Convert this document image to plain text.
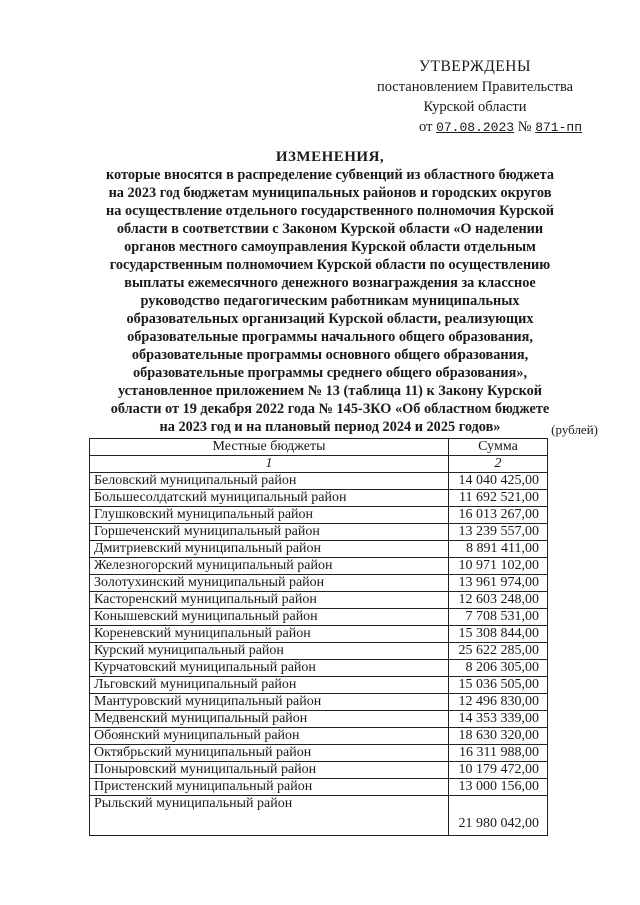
УТВЕРЖДЕНЫ
постановлением Правительства
Курской области
от 07.08.2023 № 871-пп
ИЗМЕНЕНИЯ,
которые вносятся в распределение субвенций из областного бюджета
на 2023 год бюджетам муниципальных районов и городских округов
на осуществление отдельного государственного полномочия Курской
области в соответствии с Законом Курской области «О наделении
органов местного самоуправления Курской области отдельным
государственным полномочием Курской области по осуществлению
выплаты ежемесячного денежного вознаграждения за классное
руководство педагогическим работникам муниципальных
образовательных организаций Курской области, реализующих
образовательные программы начального общего образования,
образовательные программы основного общего образования,
образовательные программы среднего общего образования»,
установленное приложением № 13 (таблица 11) к Закону Курской
области от 19 декабря 2022 года № 145-ЗКО «Об областном бюджете
на 2023 год и на плановый период 2024 и 2025 годов»	(рублей)
Местные бюджеты	Сумма
1	2
Беловский муниципальный район	14 040 425,00
Большесолдатский муниципальный район	11 692 521,00
Глушковский муниципальный район	16 013 267,00
Горшеченский муниципальный район	13 239 557,00
Дмитриевский муниципальный район	8 891 411,00
Железногорский муниципальный район	10 971 102,00
Золотухинский муниципальный район	13 961 974,00
Касторенский муниципальный район	12 603 248,00
Конышевский муниципальный район	7 708 531,00
Кореневский муниципальный район	15 308 844,00
Курский муниципальный район	25 622 285,00
Курчатовский муниципальный район	8 206 305,00
Льговский муниципальный район	15 036 505,00
Мантуровский муниципальный район	12 496 830,00
Медвенский муниципальный район	14 353 339,00
Обоянский муниципальный район	18 630 320,00
Октябрьский муниципальный район	16 311 988,00
Поныровский муниципальный район	10 179 472,00
Пристенский муниципальный район	13 000 156,00
Рыльский муниципальный район	21 980 042,00
